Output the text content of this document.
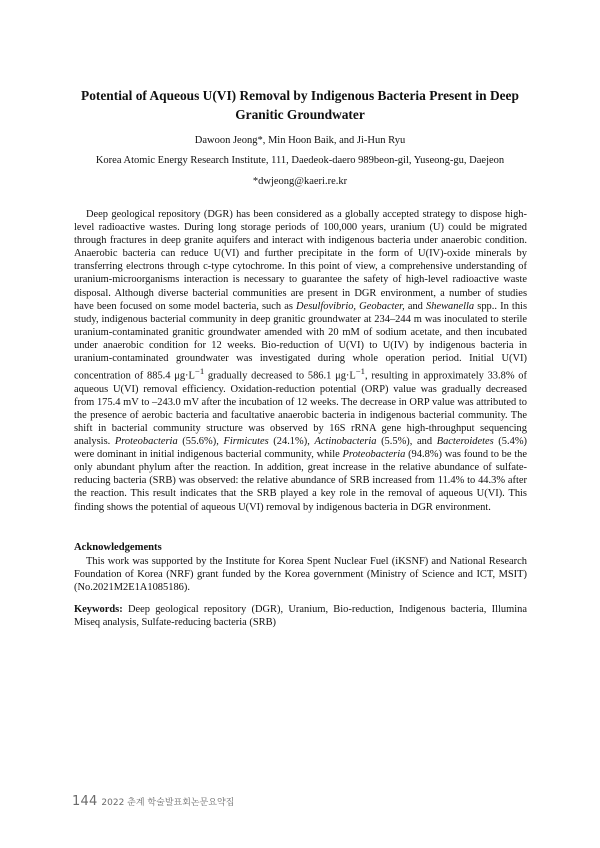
Potential of Aqueous U(VI) Removal by Indigenous Bacteria Present in Deep
Granitic Groundwater
Dawoon Jeong*, Min Hoon Baik, and Ji-Hun Ryu
Korea Atomic Energy Research Institute, 111, Daedeok-daero 989beon-gil, Yuseong-gu, Daejeon
*dwjeong@kaeri.re.kr

Deep geological repository (DGR) has been considered as a globally accepted strategy to dispose high-level radioactive wastes. During long storage periods of 100,000 years, uranium (U) could be migrated through fractures in deep granite aquifers and interact with indigenous bacteria under anaerobic condition. Anaerobic bacteria can reduce U(VI) and further precipitate in the form of U(IV)-oxide minerals by transferring electrons through c-type cytochrome. In this point of view, a comprehensive understanding of uranium-microorganisms interaction is necessary to guarantee the safety of high-level radioactive waste disposal. Although diverse bacterial communities are present in DGR environment, a number of studies have been focused on some model bacteria, such as Desulfovibrio, Geobacter, and Shewanella spp.. In this study, indigenous bacterial community in deep granitic groundwater at 234–244 m was inoculated to sterile uranium-contaminated granitic groundwater amended with 20 mM of sodium acetate, and then incubated under anaerobic condition for 12 weeks. Bio-reduction of U(VI) to U(IV) by indigenous bacteria in uranium-contaminated groundwater was investigated during whole operation period. Initial U(VI) concentration of 885.4 $\mu g\cdot L^{-1}$ gradually decreased to 586.1 $\mu g\cdot L^{-1}$, resulting in approximately 33.8% of aqueous U(VI) removal efficiency. Oxidation-reduction potential (ORP) value was gradually decreased from 175.4 mV to –243.0 mV after the incubation of 12 weeks. The decrease in ORP value was attributed to the presence of aerobic bacteria and facultative anaerobic bacteria in indigenous bacterial community. The shift in bacterial community structure was observed by 16S rRNA gene high-throughput sequencing analysis. Proteobacteria (55.6%), Firmicutes (24.1%), Actinobacteria (5.5%), and Bacteroidetes (5.4%) were dominant in initial indigenous bacterial community, while Proteobacteria (94.8%) was found to be the only abundant phylum after the reaction. In addition, great increase in the relative abundance of sulfate-reducing bacteria (SRB) was observed: the relative abundance of SRB increased from 11.4% to 44.3% after the reaction. This result indicates that the SRB played a key role in the removal of aqueous U(VI). This finding shows the potential of aqueous U(VI) removal by indigenous bacteria in DGR environment.

Acknowledgements

This work was supported by the Institute for Korea Spent Nuclear Fuel (iKSNF) and National Research Foundation of Korea (NRF) grant funded by the Korea government (Ministry of Science and ICT, MSIT) (No.2021M2E1A1085186).

Keywords: Deep geological repository (DGR), Uranium, Bio-reduction, Indigenous bacteria, Illumina Miseq analysis, Sulfate-reducing bacteria (SRB)
144 2022 춘계 학술발표회논문요약집
